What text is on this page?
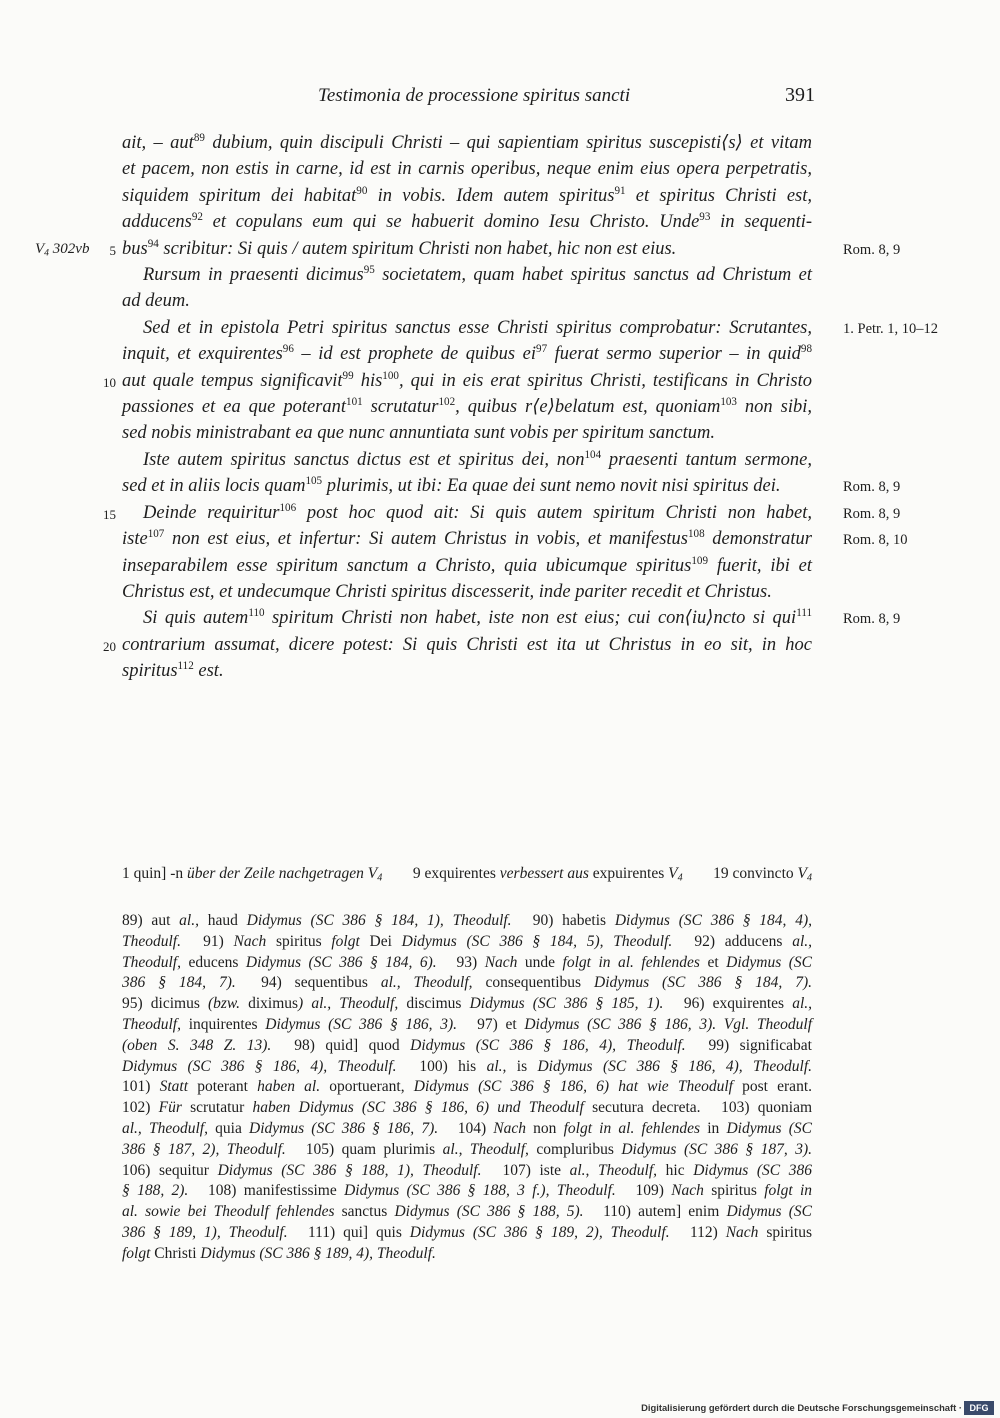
Testimonia de processione spiritus sancti	391
ait, – aut$^{89}$ dubium, quin discipuli Christi – qui sapientiam spiritus suscepisti⟨s⟩ et vitam
et pacem, non estis in carne, id est in carnis operibus, neque enim eius opera perpetratis,
siquidem spiritum dei habitat$^{90}$ in vobis. Idem autem spiritus$^{91}$ et spiritus Christi est,
adducens$^{92}$ et copulans eum qui se habuerit domino Iesu Christo. Unde$^{93}$ in sequenti-
5
V4 302vb	Rom. 8, 9
bus$^{94}$ scribitur: Si quis / autem spiritum Christi non habet, hic non est eius.
Rursum in praesenti dicimus$^{95}$ societatem, quam habet spiritus sanctus ad Christum et
ad deum.
1. Petr. 1, 10–12
Sed et in epistola Petri spiritus sanctus esse Christi spiritus comprobatur: Scrutantes,
inquit, et exquirentes$^{96}$ – id est prophete de quibus $ei^{97}$ fuerat sermo superior – in quid$^{98}$
10 aut quale tempus significavit$^{99}$ his$^{100}$, qui in eis erat spiritus Christi, testificans in Christo
passiones et ea que poterant$^{101}$ scrutatur$^{102}$, quibus r⟨e⟩belatum est, quoniam$^{103}$ non sibi,
sed nobis ministrabant ea que nunc annuntiata sunt vobis per spiritum sanctum.
Iste autem spiritus sanctus dictus est et spiritus dei, non$^{104}$ praesenti tantum sermone,
Rom. 8, 9
sed et in aliis locis quam$^{105}$ plurimis, ut ibi: Ea quae dei sunt nemo novit nisi spiritus dei.
15	Rom. 8, 9
Deinde requiritur$^{106}$ post hoc quod ait: Si quis autem spiritum Christi non habet,
Rom. 8, 10
iste$^{107}$ non est eius, et infertur: Si autem Christus in vobis, et manifestus$^{108}$ demonstratur
inseparabilem esse spiritum sanctum a Christo, quia ubicumque spiritus$^{109}$ fuerit, ibi et
Christus est, et undecumque Christi spiritus discesserit, inde pariter recedit et Christus.
Rom. 8, 9
Si quis autem$^{110}$ spiritum Christi non habet, iste non est eius; cui con⟨iu⟩ncto si qui$^{111}$
20 contrarium assumat, dicere potest: Si quis Christi est ita ut Christus in eo sit, in hoc
spiritus$^{112}$ est.
1 quin] -n über der Zeile nachgetragen V4 9 exquirentes verbessert aus expuirentes V4 19 convincto V4
89) aut al., haud Didymus (SC 386 § 184, 1), Theodulf. 90) habetis Didymus (SC 386 § 184, 4),
Theodulf. 91) Nach spiritus folgt Dei Didymus (SC 386 § 184, 5), Theodulf. 92) adducens al.,
Theodulf, educens Didymus (SC 386 § 184, 6). 93) Nach unde folgt in al. fehlendes et Didymus (SC
386 § 184, 7). 94) sequentibus al., Theodulf, consequentibus Didymus (SC 386 § 184, 7).
95) dicimus (bzw. diximus) al., Theodulf, discimus Didymus (SC 386 § 185, 1). 96) exquirentes al.,
Theodulf, inquirentes Didymus (SC 386 § 186, 3). 97) et Didymus (SC 386 § 186, 3). Vgl. Theodulf
(oben S. 348 Z. 13). 98) quid] quod Didymus (SC 386 § 186, 4), Theodulf. 99) significabat
Didymus (SC 386 § 186, 4), Theodulf. 100) his al., is Didymus (SC 386 § 186, 4), Theodulf.
101) Statt poterant haben al. oportuerant, Didymus (SC 386 § 186, 6) hat wie Theodulf post erant.
102) Für scrutatur haben Didymus (SC 386 § 186, 6) und Theodulf secutura decreta. 103) quoniam
al., Theodulf, quia Didymus (SC 386 § 186, 7). 104) Nach non folgt in al. fehlendes in Didymus (SC
386 § 187, 2), Theodulf. 105) quam plurimis al., Theodulf, compluribus Didymus (SC 386 § 187, 3).
106) sequitur Didymus (SC 386 § 188, 1), Theodulf. 107) iste al., Theodulf, hic Didymus (SC 386
§ 188, 2). 108) manifestissime Didymus (SC 386 § 188, 3 f.), Theodulf. 109) Nach spiritus folgt in
al. sowie bei Theodulf fehlendes sanctus Didymus (SC 386 § 188, 5). 110) autem] enim Didymus (SC
386 § 189, 1), Theodulf. 111) qui] quis Didymus (SC 386 § 189, 2), Theodulf. 112) Nach spiritus
folgt Christi Didymus (SC 386 § 189, 4), Theodulf.
Digitalisierung gefördert durch die Deutsche Forschungsgemeinschaft · DFG
